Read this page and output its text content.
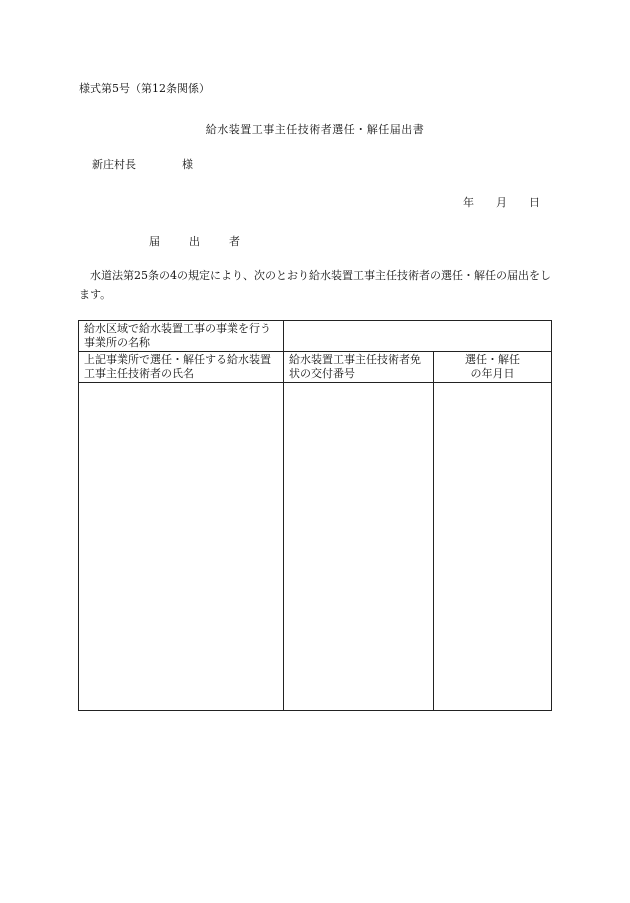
様式第5号（第12条関係）
給水装置工事主任技術者選任・解任届出書
新庄村長	様
年 月 日
届　出　者
水道法第25条の4の規定により、次のとおり給水装置工事主任技術者の選任・解任の届出をします。
給水区域で給水装置工事の事業を行う事業所の名称		
上記事業所で選任・解任する給水装置工事主任技術者の氏名	給水装置工事主任技術者免状の交付番号	選任・解任
の年月日
